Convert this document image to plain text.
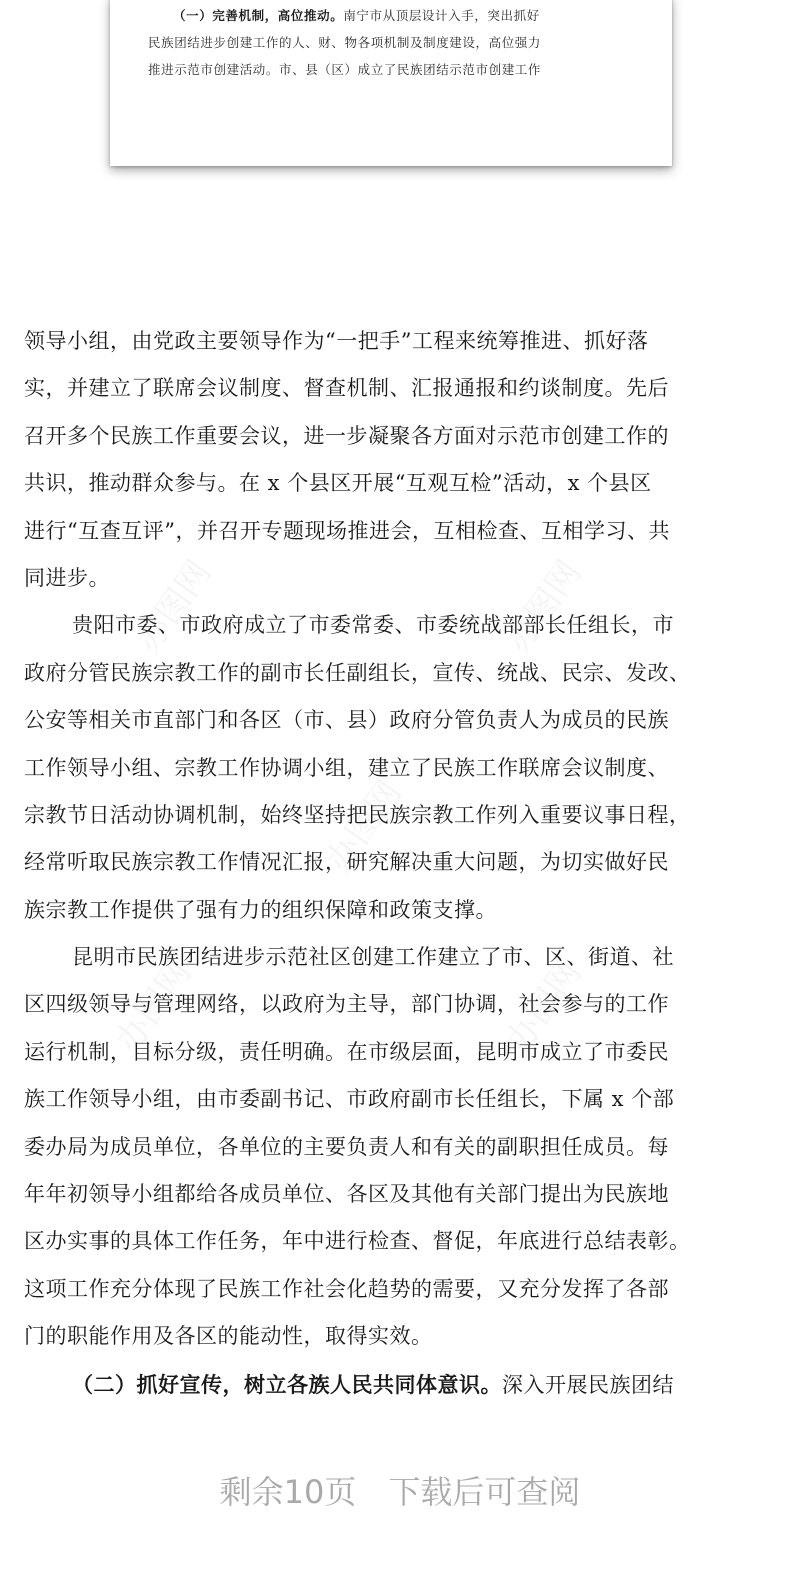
办图网	办图网
办图网
办图网	办图网
（一）完善机制，高位推动。南宁市从顶层设计入手，突出抓好
民族团结进步创建工作的人、财、物各项机制及制度建设，高位强力
推进示范市创建活动。市、县（区）成立了民族团结示范市创建工作
领导小组，由党政主要领导作为“一把手”工程来统筹推进、抓好落
实，并建立了联席会议制度、督查机制、汇报通报和约谈制度。先后
召开多个民族工作重要会议，进一步凝聚各方面对示范市创建工作的
共识，推动群众参与。在 x 个县区开展“互观互检”活动，x 个县区
进行“互查互评”，并召开专题现场推进会，互相检查、互相学习、共
同进步。
贵阳市委、市政府成立了市委常委、市委统战部部长任组长，市
政府分管民族宗教工作的副市长任副组长，宣传、统战、民宗、发改、
公安等相关市直部门和各区（市、县）政府分管负责人为成员的民族
工作领导小组、宗教工作协调小组，建立了民族工作联席会议制度、
宗教节日活动协调机制，始终坚持把民族宗教工作列入重要议事日程，
经常听取民族宗教工作情况汇报，研究解决重大问题，为切实做好民
族宗教工作提供了强有力的组织保障和政策支撑。
昆明市民族团结进步示范社区创建工作建立了市、区、街道、社
区四级领导与管理网络，以政府为主导，部门协调，社会参与的工作
运行机制，目标分级，责任明确。在市级层面，昆明市成立了市委民
族工作领导小组，由市委副书记、市政府副市长任组长，下属 x 个部
委办局为成员单位，各单位的主要负责人和有关的副职担任成员。每
年年初领导小组都给各成员单位、各区及其他有关部门提出为民族地
区办实事的具体工作任务，年中进行检查、督促，年底进行总结表彰。
这项工作充分体现了民族工作社会化趋势的需要，又充分发挥了各部
门的职能作用及各区的能动性，取得实效。
（二）抓好宣传，树立各族人民共同体意识。深入开展民族团结
剩余10页 下载后可查阅
